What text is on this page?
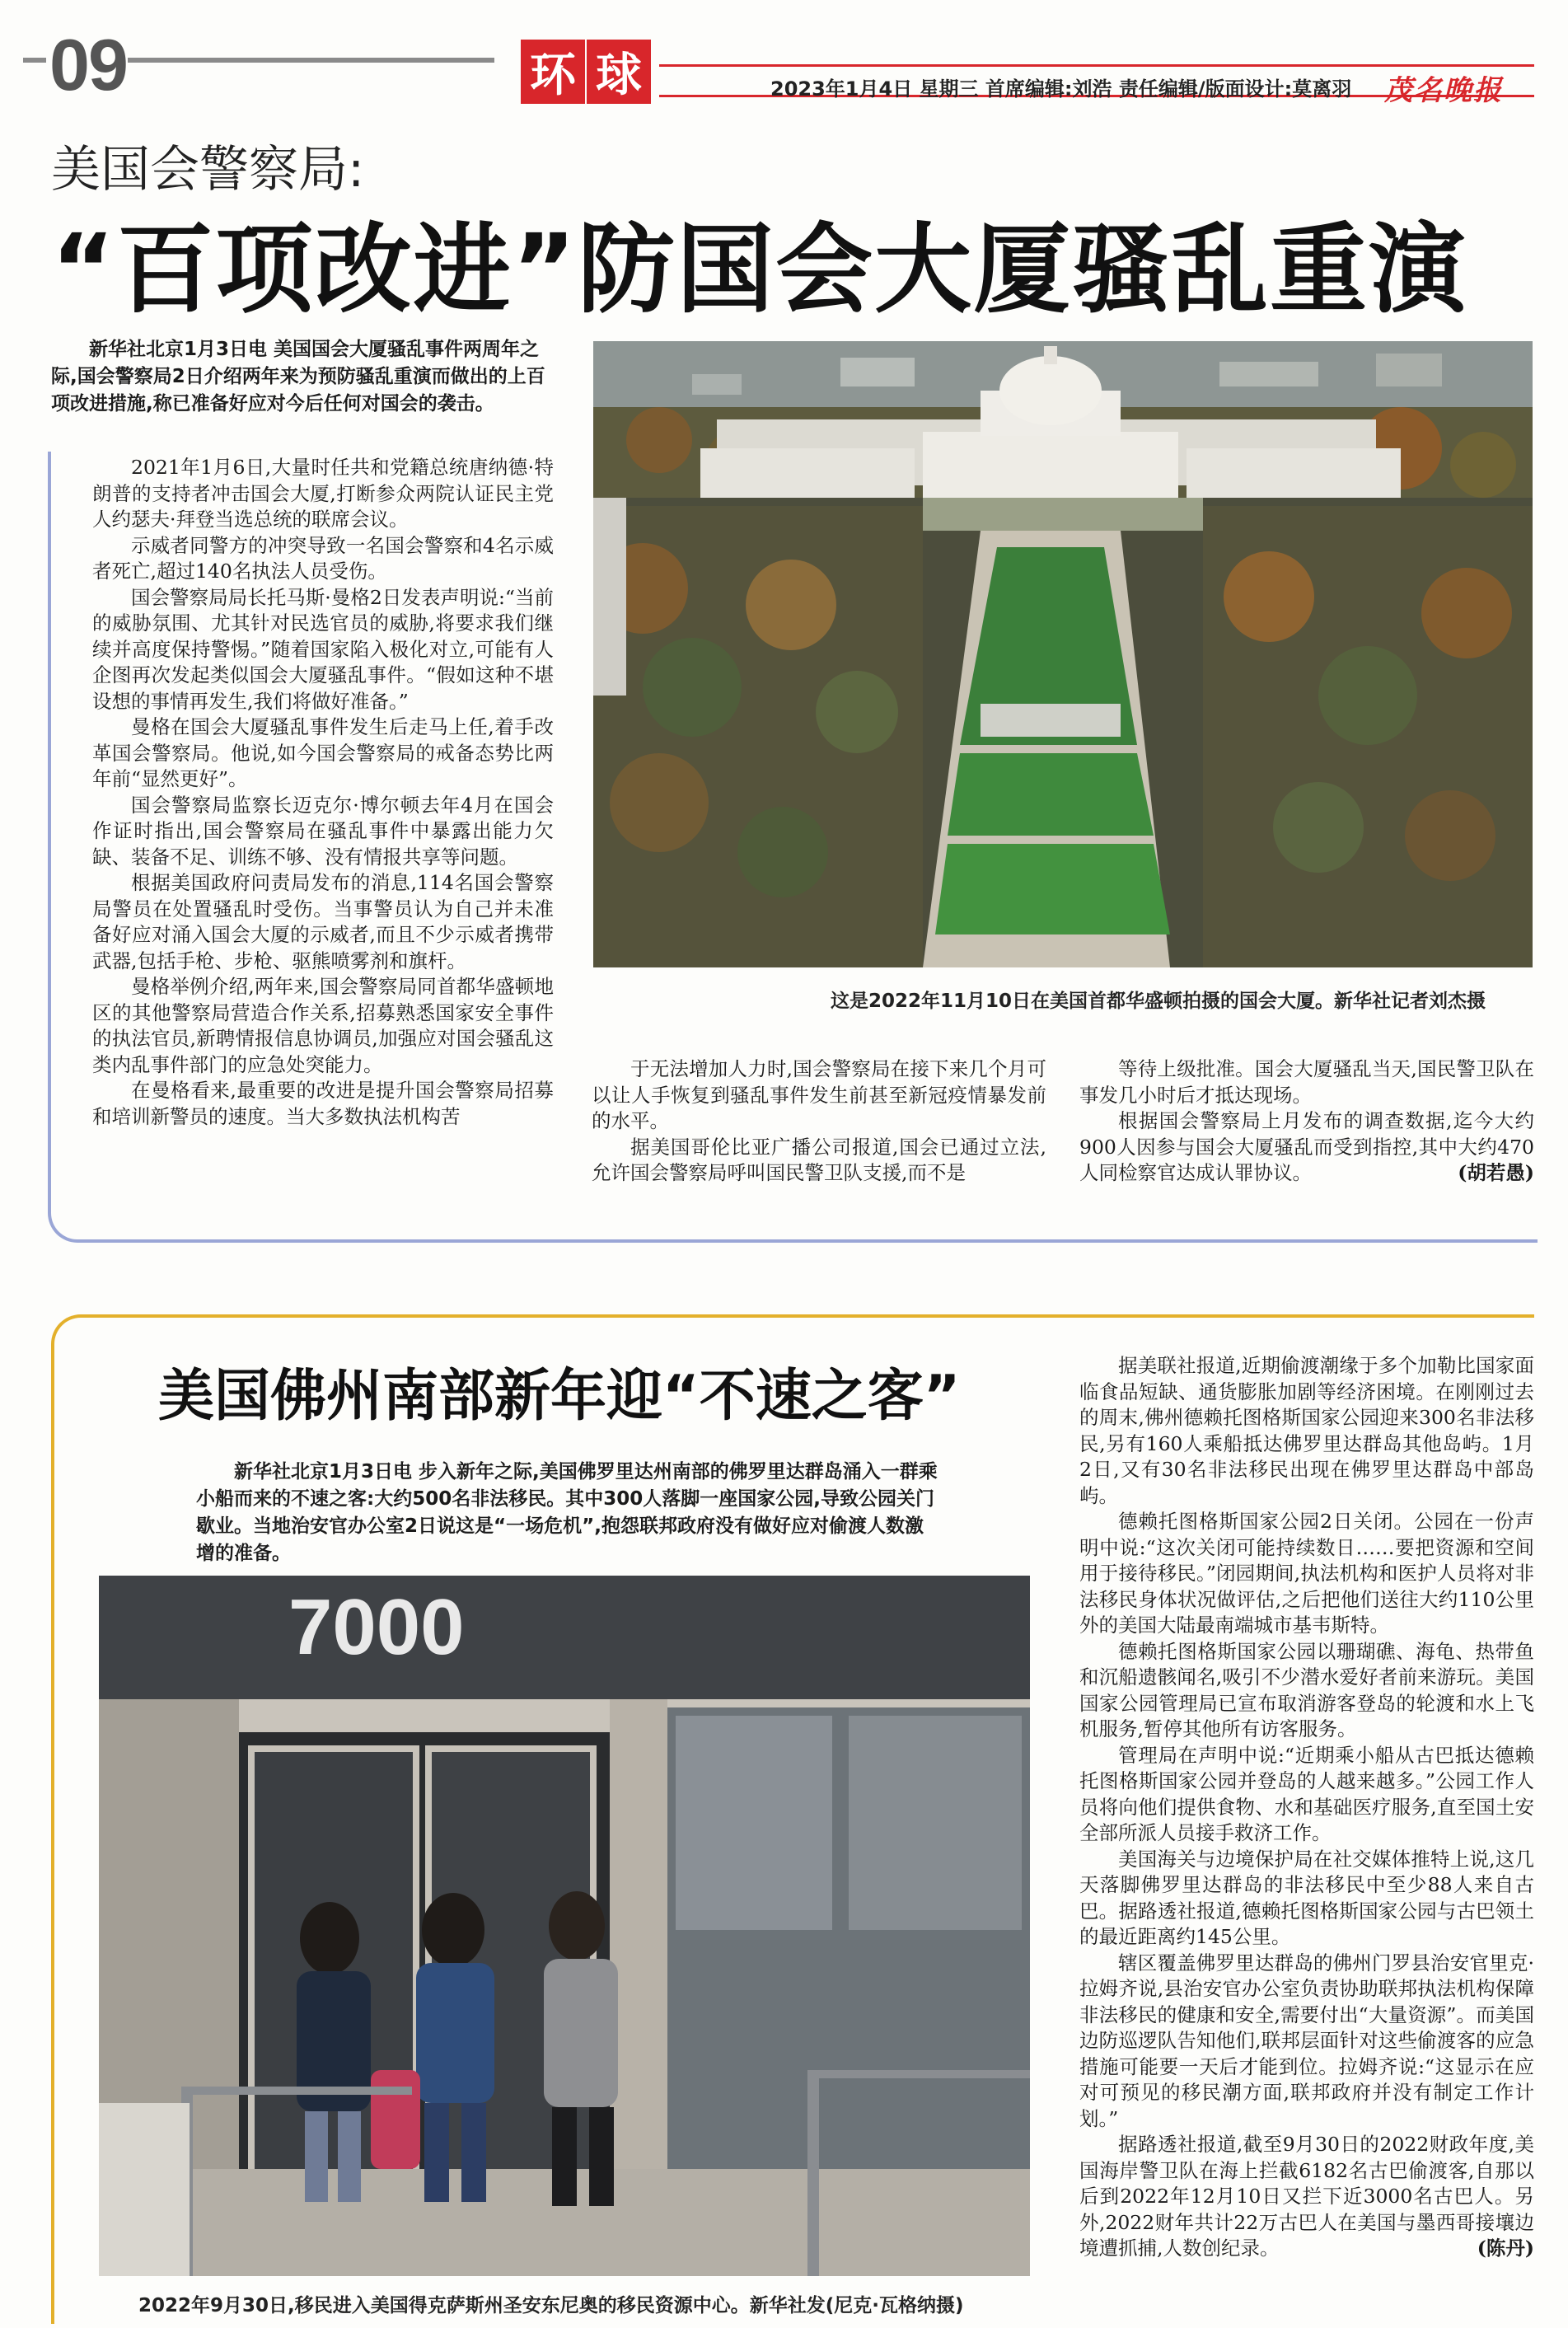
09	环 球	2023年1月4日 星期三 首席编辑:刘浩 责任编辑/版面设计:莫离羽 茂名晚报
美国会警察局:
“百项改进”防国会大厦骚乱重演
新华社北京1月3日电 美国国会大厦骚乱事件两周年之际,国会警察局2日介绍两年来为预防骚乱重演而做出的上百项改进措施,称已准备好应对今后任何对国会的袭击。

2021年1月6日,大量时任共和党籍总统唐纳德·特朗普的支持者冲击国会大厦,打断参众两院认证民主党人约瑟夫·拜登当选总统的联席会议。

示威者同警方的冲突导致一名国会警察和4名示威者死亡,超过140名执法人员受伤。

国会警察局局长托马斯·曼格2日发表声明说:“当前的威胁氛围、尤其针对民选官员的威胁,将要求我们继续并高度保持警惕。”随着国家陷入极化对立,可能有人企图再次发起类似国会大厦骚乱事件。“假如这种不堪设想的事情再发生,我们将做好准备。”

曼格在国会大厦骚乱事件发生后走马上任,着手改革国会警察局。他说,如今国会警察局的戒备态势比两年前“显然更好”。

国会警察局监察长迈克尔·博尔顿去年4月在国会作证时指出,国会警察局在骚乱事件中暴露出能力欠缺、装备不足、训练不够、没有情报共享等问题。

根据美国政府问责局发布的消息,114名国会警察局警员在处置骚乱时受伤。当事警员认为自己并未准备好应对涌入国会大厦的示威者,而且不少示威者携带武器,包括手枪、步枪、驱熊喷雾剂和旗杆。

曼格举例介绍,两年来,国会警察局同首都华盛顿地区的其他警察局营造合作关系,招募熟悉国家安全事件的执法官员,新聘情报信息协调员,加强应对国会骚乱这类内乱事件部门的应急处突能力。

在曼格看来,最重要的改进是提升国会警察局招募和培训新警员的速度。当大多数执法机构苦

这是2022年11月10日在美国首都华盛顿拍摄的国会大厦。新华社记者刘杰摄

于无法增加人力时,国会警察局在接下来几个月可以让人手恢复到骚乱事件发生前甚至新冠疫情暴发前的水平。

据美国哥伦比亚广播公司报道,国会已通过立法,允许国会警察局呼叫国民警卫队支援,而不是

等待上级批准。国会大厦骚乱当天,国民警卫队在事发几小时后才抵达现场。

根据国会警察局上月发布的调查数据,迄今大约900人因参与国会大厦骚乱而受到指控,其中大约470人同检察官达成认罪协议。	(胡若愚)

美国佛州南部新年迎“不速之客”
新华社北京1月3日电 步入新年之际,美国佛罗里达州南部的佛罗里达群岛涌入一群乘小船而来的不速之客:大约500名非法移民。其中300人落脚一座国家公园,导致公园关门歇业。当地治安官办公室2日说这是“一场危机”,抱怨联邦政府没有做好应对偷渡人数激增的准备。
7000
2022年9月30日,移民进入美国得克萨斯州圣安东尼奥的移民资源中心。新华社发(尼克·瓦格纳摄)

据美联社报道,近期偷渡潮缘于多个加勒比国家面临食品短缺、通货膨胀加剧等经济困境。在刚刚过去的周末,佛州德赖托图格斯国家公园迎来300名非法移民,另有160人乘船抵达佛罗里达群岛其他岛屿。1月2日,又有30名非法移民出现在佛罗里达群岛中部岛屿。

德赖托图格斯国家公园2日关闭。公园在一份声明中说:“这次关闭可能持续数日……要把资源和空间用于接待移民。”闭园期间,执法机构和医护人员将对非法移民身体状况做评估,之后把他们送往大约110公里外的美国大陆最南端城市基韦斯特。

德赖托图格斯国家公园以珊瑚礁、海龟、热带鱼和沉船遗骸闻名,吸引不少潜水爱好者前来游玩。美国国家公园管理局已宣布取消游客登岛的轮渡和水上飞机服务,暂停其他所有访客服务。

管理局在声明中说:“近期乘小船从古巴抵达德赖托图格斯国家公园并登岛的人越来越多。”公园工作人员将向他们提供食物、水和基础医疗服务,直至国土安全部所派人员接手救济工作。

美国海关与边境保护局在社交媒体推特上说,这几天落脚佛罗里达群岛的非法移民中至少88人来自古巴。据路透社报道,德赖托图格斯国家公园与古巴领土的最近距离约145公里。

辖区覆盖佛罗里达群岛的佛州门罗县治安官里克·拉姆齐说,县治安官办公室负责协助联邦执法机构保障非法移民的健康和安全,需要付出“大量资源”。而美国边防巡逻队告知他们,联邦层面针对这些偷渡客的应急措施可能要一天后才能到位。拉姆齐说:“这显示在应对可预见的移民潮方面,联邦政府并没有制定工作计划。”

据路透社报道,截至9月30日的2022财政年度,美国海岸警卫队在海上拦截6182名古巴偷渡客,自那以后到2022年12月10日又拦下近3000名古巴人。另外,2022财年共计22万古巴人在美国与墨西哥接壤边境遭抓捕,人数创纪录。	(陈丹)
